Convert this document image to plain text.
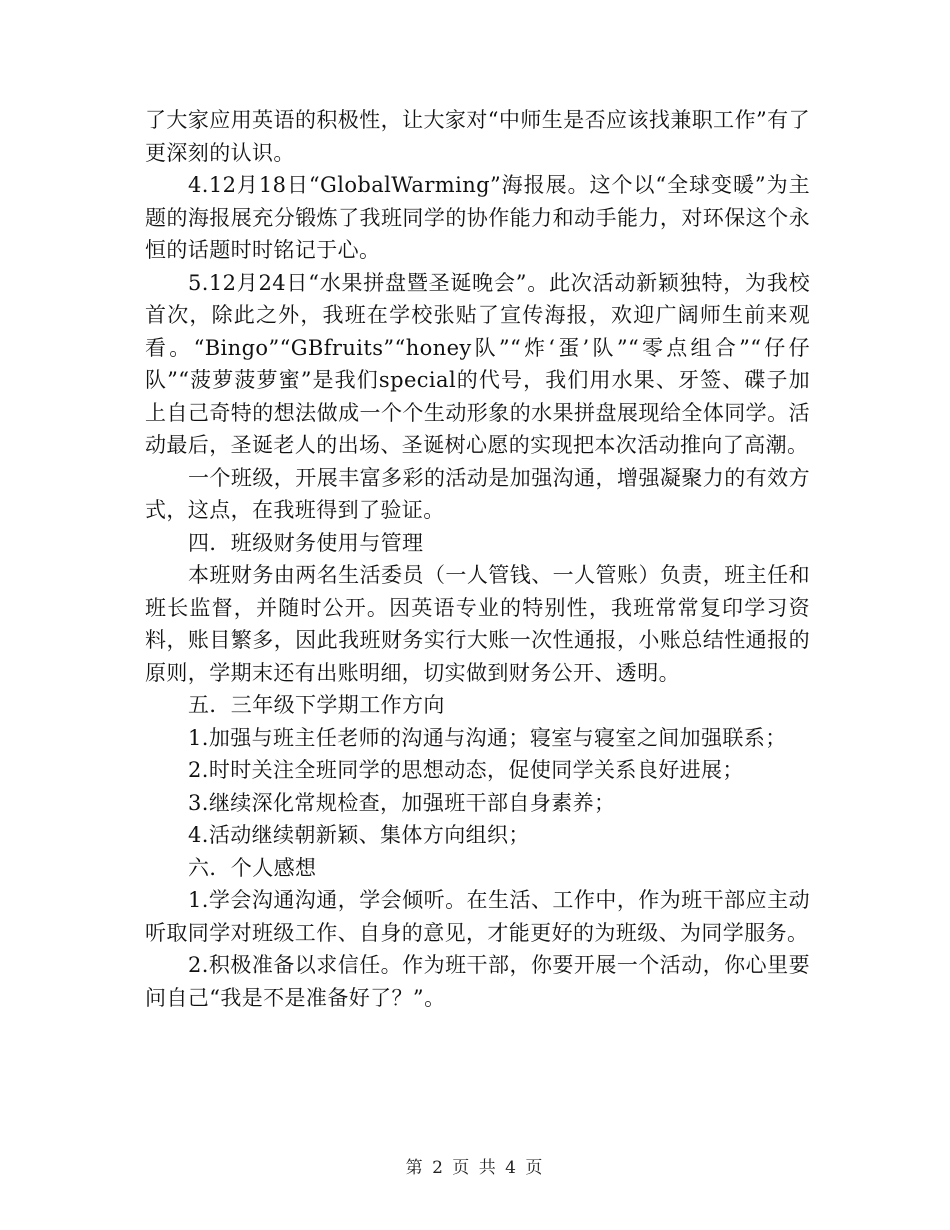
了大家应用英语的积极性，让大家对“中师生是否应该找兼职工作”有了更深刻的认识。

4.12月18日“GlobalWarming”海报展。这个以“全球变暖”为主题的海报展充分锻炼了我班同学的协作能力和动手能力，对环保这个永恒的话题时时铭记于心。

5.12月24日“水果拼盘暨圣诞晚会”。此次活动新颖独特，为我校首次，除此之外，我班在学校张贴了宣传海报，欢迎广阔师生前来观看。“Bingo”“GBfruits”“honey队”“炸‘蛋’队”“零点组合”“仔仔队”“菠萝菠萝蜜”是我们special的代号，我们用水果、牙签、碟子加上自己奇特的想法做成一个个生动形象的水果拼盘展现给全体同学。活动最后，圣诞老人的出场、圣诞树心愿的实现把本次活动推向了高潮。

一个班级，开展丰富多彩的活动是加强沟通，增强凝聚力的有效方式，这点，在我班得到了验证。

四．班级财务使用与管理

本班财务由两名生活委员（一人管钱、一人管账）负责，班主任和班长监督，并随时公开。因英语专业的特别性，我班常常复印学习资料，账目繁多，因此我班财务实行大账一次性通报，小账总结性通报的原则，学期末还有出账明细，切实做到财务公开、透明。

五．三年级下学期工作方向

1.加强与班主任老师的沟通与沟通；寝室与寝室之间加强联系；

2.时时关注全班同学的思想动态，促使同学关系良好进展；

3.继续深化常规检查，加强班干部自身素养；

4.活动继续朝新颖、集体方向组织；

六．个人感想

1.学会沟通沟通，学会倾听。在生活、工作中，作为班干部应主动听取同学对班级工作、自身的意见，才能更好的为班级、为同学服务。

2.积极准备以求信任。作为班干部，你要开展一个活动，你心里要问自己“我是不是准备好了？”。

第 2 页 共 4 页
